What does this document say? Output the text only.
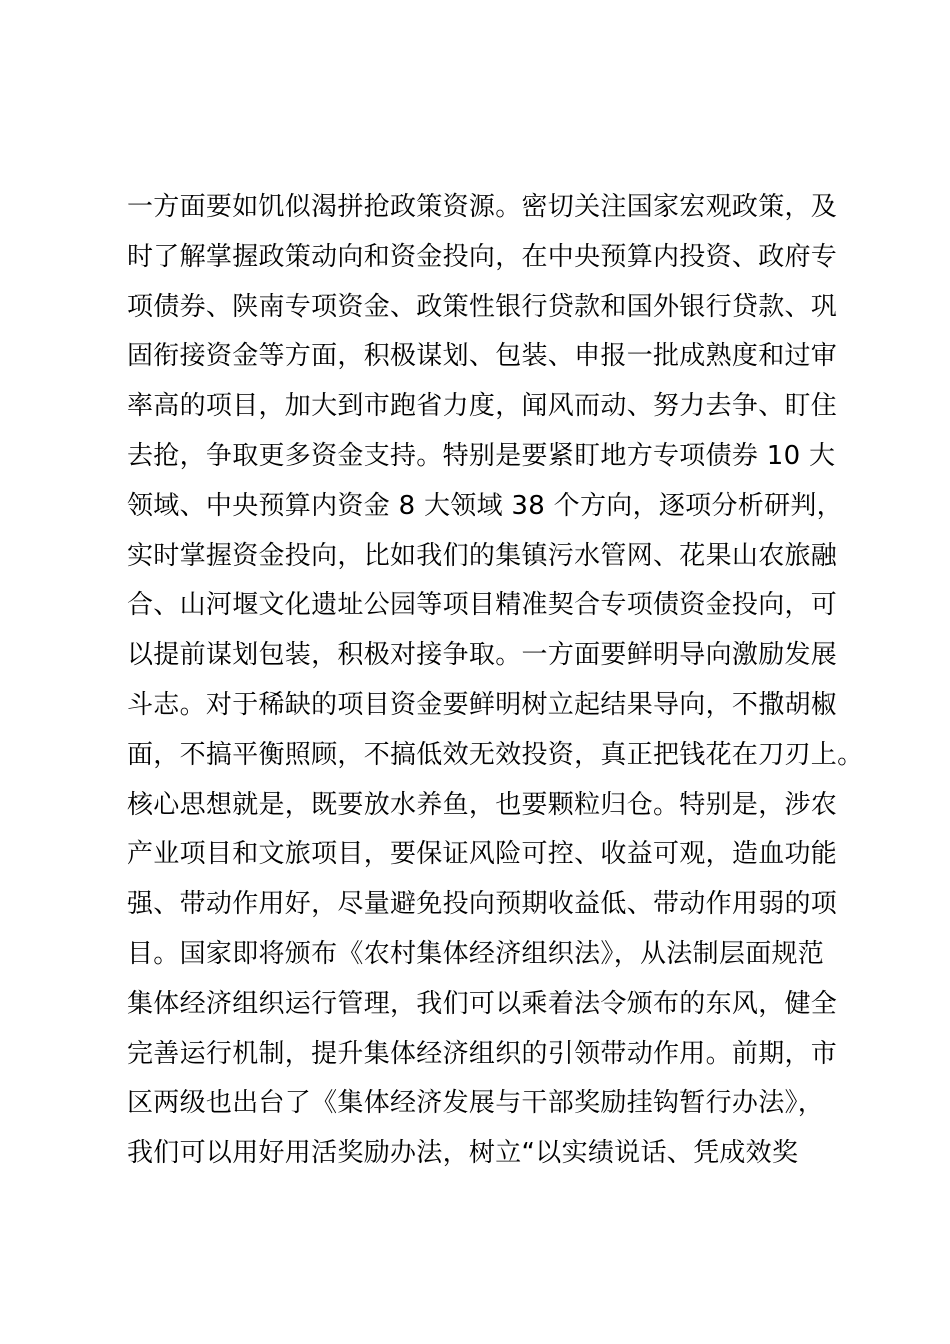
一方面要如饥似渴拼抢政策资源。密切关注国家宏观政策，及
时了解掌握政策动向和资金投向，在中央预算内投资、政府专
项债券、陕南专项资金、政策性银行贷款和国外银行贷款、巩
固衔接资金等方面，积极谋划、包装、申报一批成熟度和过审
率高的项目，加大到市跑省力度，闻风而动、努力去争、盯住
去抢，争取更多资金支持。特别是要紧盯地方专项债券 10 大
领域、中央预算内资金 8 大领域 38 个方向，逐项分析研判，
实时掌握资金投向，比如我们的集镇污水管网、花果山农旅融
合、山河堰文化遗址公园等项目精准契合专项债资金投向，可
以提前谋划包装，积极对接争取。一方面要鲜明导向激励发展
斗志。对于稀缺的项目资金要鲜明树立起结果导向，不撒胡椒
面，不搞平衡照顾，不搞低效无效投资，真正把钱花在刀刃上。
核心思想就是，既要放水养鱼，也要颗粒归仓。特别是，涉农
产业项目和文旅项目，要保证风险可控、收益可观，造血功能
强、带动作用好，尽量避免投向预期收益低、带动作用弱的项
目。国家即将颁布《农村集体经济组织法》，从法制层面规范
集体经济组织运行管理，我们可以乘着法令颁布的东风，健全
完善运行机制，提升集体经济组织的引领带动作用。前期，市
区两级也出台了《集体经济发展与干部奖励挂钩暂行办法》，
我们可以用好用活奖励办法，树立“以实绩说话、凭成效奖
